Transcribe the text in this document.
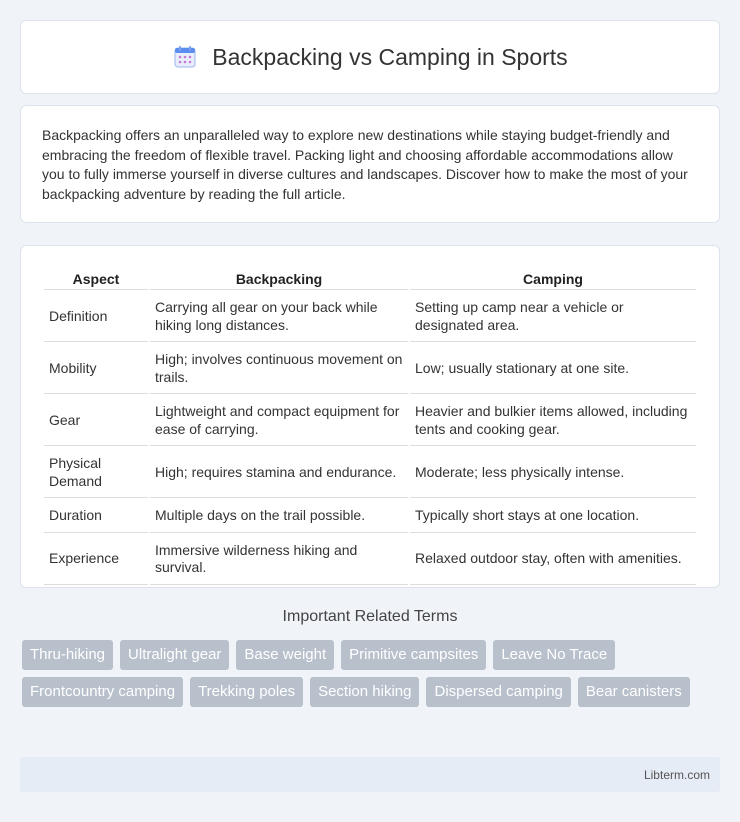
Backpacking vs Camping in Sports

Backpacking offers an unparalleled way to explore new destinations while staying budget-friendly and embracing the freedom of flexible travel. Packing light and choosing affordable accommodations allow you to fully immerse yourself in diverse cultures and landscapes. Discover how to make the most of your backpacking adventure by reading the full article.

Aspect	Backpacking	Camping
Definition	Carrying all gear on your back while hiking long distances.	Setting up camp near a vehicle or designated area.
Mobility	High; involves continuous movement on trails.	Low; usually stationary at one site.
Gear	Lightweight and compact equipment for ease of carrying.	Heavier and bulkier items allowed, including tents and cooking gear.
Physical Demand	High; requires stamina and endurance.	Moderate; less physically intense.
Duration	Multiple days on the trail possible.	Typically short stays at one location.
Experience	Immersive wilderness hiking and survival.	Relaxed outdoor stay, often with amenities.
Important Related Terms
Thru-hiking	Ultralight gear	Base weight	Primitive campsites	Leave No Trace
Frontcountry camping	Trekking poles	Section hiking	Dispersed camping	Bear canisters
Libterm.com
